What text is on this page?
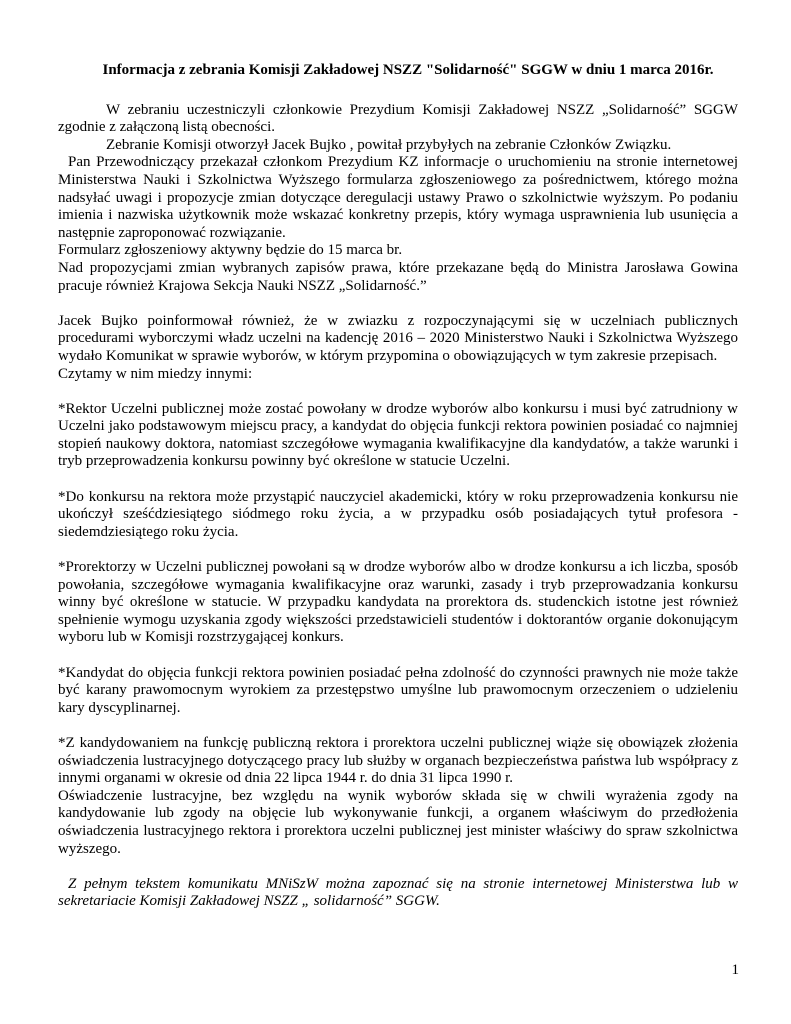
Informacja z zebrania Komisji Zakładowej NSZZ "Solidarność" SGGW w dniu 1 marca 2016r.

W zebraniu uczestniczyli członkowie Prezydium Komisji Zakładowej NSZZ „Solidarność” SGGW zgodnie z załączoną listą obecności.

Zebranie Komisji otworzył Jacek Bujko , powitał przybyłych na zebranie Członków Związku.

Pan Przewodniczący przekazał członkom Prezydium KZ informacje o uruchomieniu na stronie internetowej Ministerstwa Nauki i Szkolnictwa Wyższego formularza zgłoszeniowego za pośrednictwem, którego można nadsyłać uwagi i propozycje zmian dotyczące deregulacji ustawy Prawo o szkolnictwie wyższym. Po podaniu imienia i nazwiska użytkownik może wskazać konkretny przepis, który wymaga usprawnienia lub usunięcia a następnie zaproponować rozwiązanie.

Formularz zgłoszeniowy aktywny będzie do 15 marca br.

Nad propozycjami zmian wybranych zapisów prawa, które przekazane będą do Ministra Jarosława Gowina pracuje również Krajowa Sekcja Nauki NSZZ „Solidarność.”

Jacek Bujko poinformował również, że w zwiazku z rozpoczynającymi się w uczelniach publicznych procedurami wyborczymi władz uczelni na kadencję 2016 – 2020 Ministerstwo Nauki i Szkolnictwa Wyższego wydało Komunikat w sprawie wyborów, w którym przypomina o obowiązujących w tym zakresie przepisach.

Czytamy w nim miedzy innymi:

*Rektor Uczelni publicznej może zostać powołany w drodze wyborów albo konkursu i musi być zatrudniony w Uczelni jako podstawowym miejscu pracy, a kandydat do objęcia funkcji rektora powinien posiadać co najmniej stopień naukowy doktora, natomiast szczegółowe wymagania kwalifikacyjne dla kandydatów, a także warunki i tryb przeprowadzenia konkursu powinny być określone w statucie Uczelni.

*Do konkursu na rektora może przystąpić nauczyciel akademicki, który w roku przeprowadzenia konkursu nie ukończył sześćdziesiątego siódmego roku życia, a w przypadku osób posiadających tytuł profesora - siedemdziesiątego roku życia.

*Prorektorzy w Uczelni publicznej powołani są w drodze wyborów albo w drodze konkursu a ich liczba, sposób powołania, szczegółowe wymagania kwalifikacyjne oraz warunki, zasady i tryb przeprowadzania konkursu winny być określone w statucie. W przypadku kandydata na prorektora ds. studenckich istotne jest również spełnienie wymogu uzyskania zgody większości przedstawicieli studentów i doktorantów organie dokonującym wyboru lub w Komisji rozstrzygającej konkurs.

*Kandydat do objęcia funkcji rektora powinien posiadać pełna zdolność do czynności prawnych nie może także być karany prawomocnym wyrokiem za przestępstwo umyślne lub prawomocnym orzeczeniem o udzieleniu kary dyscyplinarnej.

*Z kandydowaniem na funkcję publiczną rektora i prorektora uczelni publicznej wiąże się obowiązek złożenia oświadczenia lustracyjnego dotyczącego pracy lub służby w organach bezpieczeństwa państwa lub współpracy z innymi organami w okresie od dnia 22 lipca 1944 r. do dnia 31 lipca 1990 r.

Oświadczenie lustracyjne, bez względu na wynik wyborów składa się w chwili wyrażenia zgody na kandydowanie lub zgody na objęcie lub wykonywanie funkcji, a organem właściwym do przedłożenia oświadczenia lustracyjnego rektora i prorektora uczelni publicznej jest minister właściwy do spraw szkolnictwa wyższego.

Z pełnym tekstem komunikatu MNiSzW można zapoznać się na stronie internetowej Ministerstwa lub w sekretariacie Komisji Zakładowej NSZZ „ solidarność” SGGW.

1
